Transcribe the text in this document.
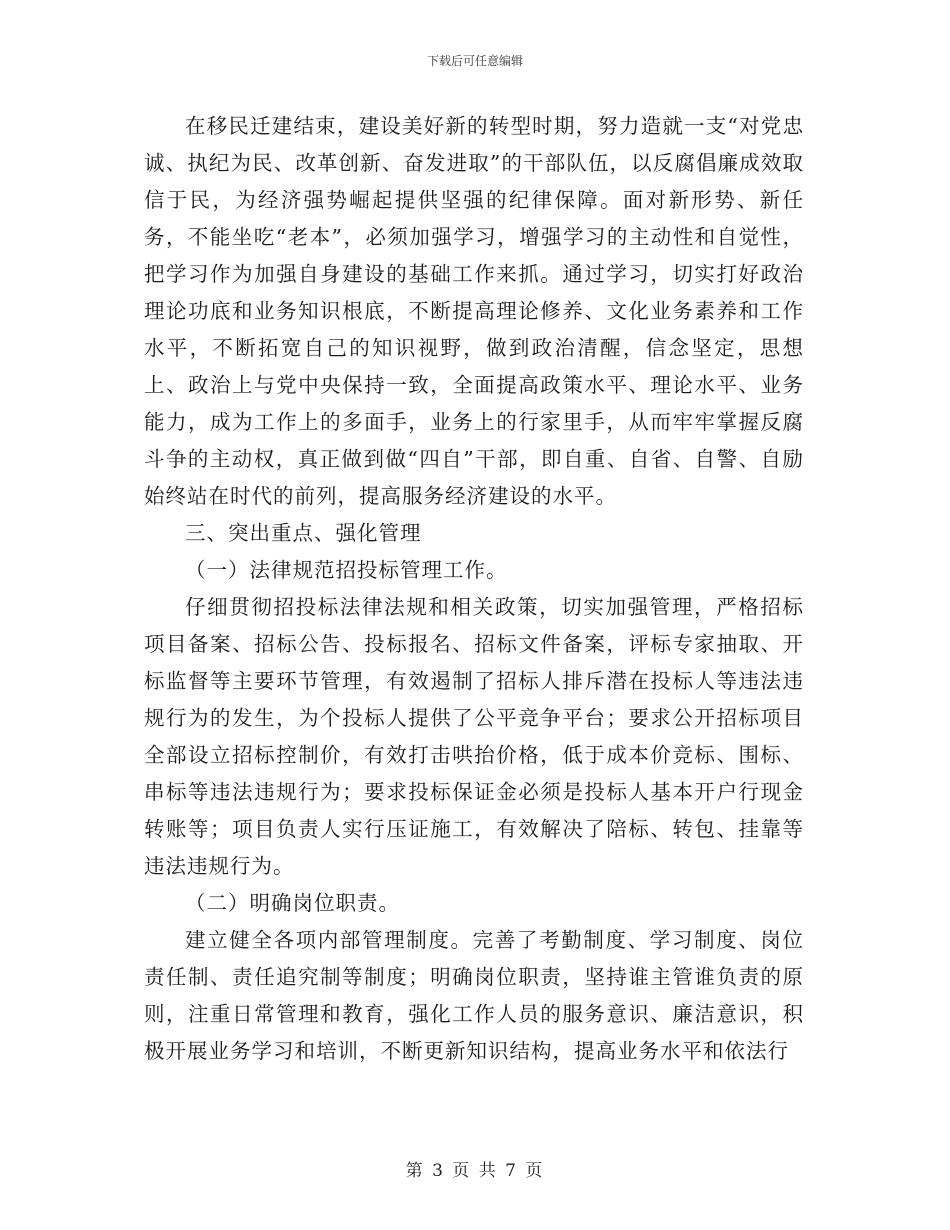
下载后可任意编辑

在移民迁建结束，建设美好新的转型时期，努力造就一支“对党忠诚、执纪为民、改革创新、奋发进取”的干部队伍，以反腐倡廉成效取信于民，为经济强势崛起提供坚强的纪律保障。面对新形势、新任务，不能坐吃“老本”，必须加强学习，增强学习的主动性和自觉性，把学习作为加强自身建设的基础工作来抓。通过学习，切实打好政治理论功底和业务知识根底，不断提高理论修养、文化业务素养和工作水平，不断拓宽自己的知识视野，做到政治清醒，信念坚定，思想上、政治上与党中央保持一致，全面提高政策水平、理论水平、业务能力，成为工作上的多面手，业务上的行家里手，从而牢牢掌握反腐斗争的主动权，真正做到做“四自”干部，即自重、自省、自警、自励始终站在时代的前列，提高服务经济建设的水平。

三、突出重点、强化管理

（一）法律规范招投标管理工作。

仔细贯彻招投标法律法规和相关政策，切实加强管理，严格招标项目备案、招标公告、投标报名、招标文件备案，评标专家抽取、开标监督等主要环节管理，有效遏制了招标人排斥潜在投标人等违法违规行为的发生，为个投标人提供了公平竞争平台；要求公开招标项目全部设立招标控制价，有效打击哄抬价格，低于成本价竞标、围标、串标等违法违规行为；要求投标保证金必须是投标人基本开户行现金转账等；项目负责人实行压证施工，有效解决了陪标、转包、挂靠等违法违规行为。

（二）明确岗位职责。

建立健全各项内部管理制度。完善了考勤制度、学习制度、岗位责任制、责任追究制等制度；明确岗位职责，坚持谁主管谁负责的原则，注重日常管理和教育，强化工作人员的服务意识、廉洁意识，积极开展业务学习和培训，不断更新知识结构，提高业务水平和依法行

第 3 页 共 7 页
